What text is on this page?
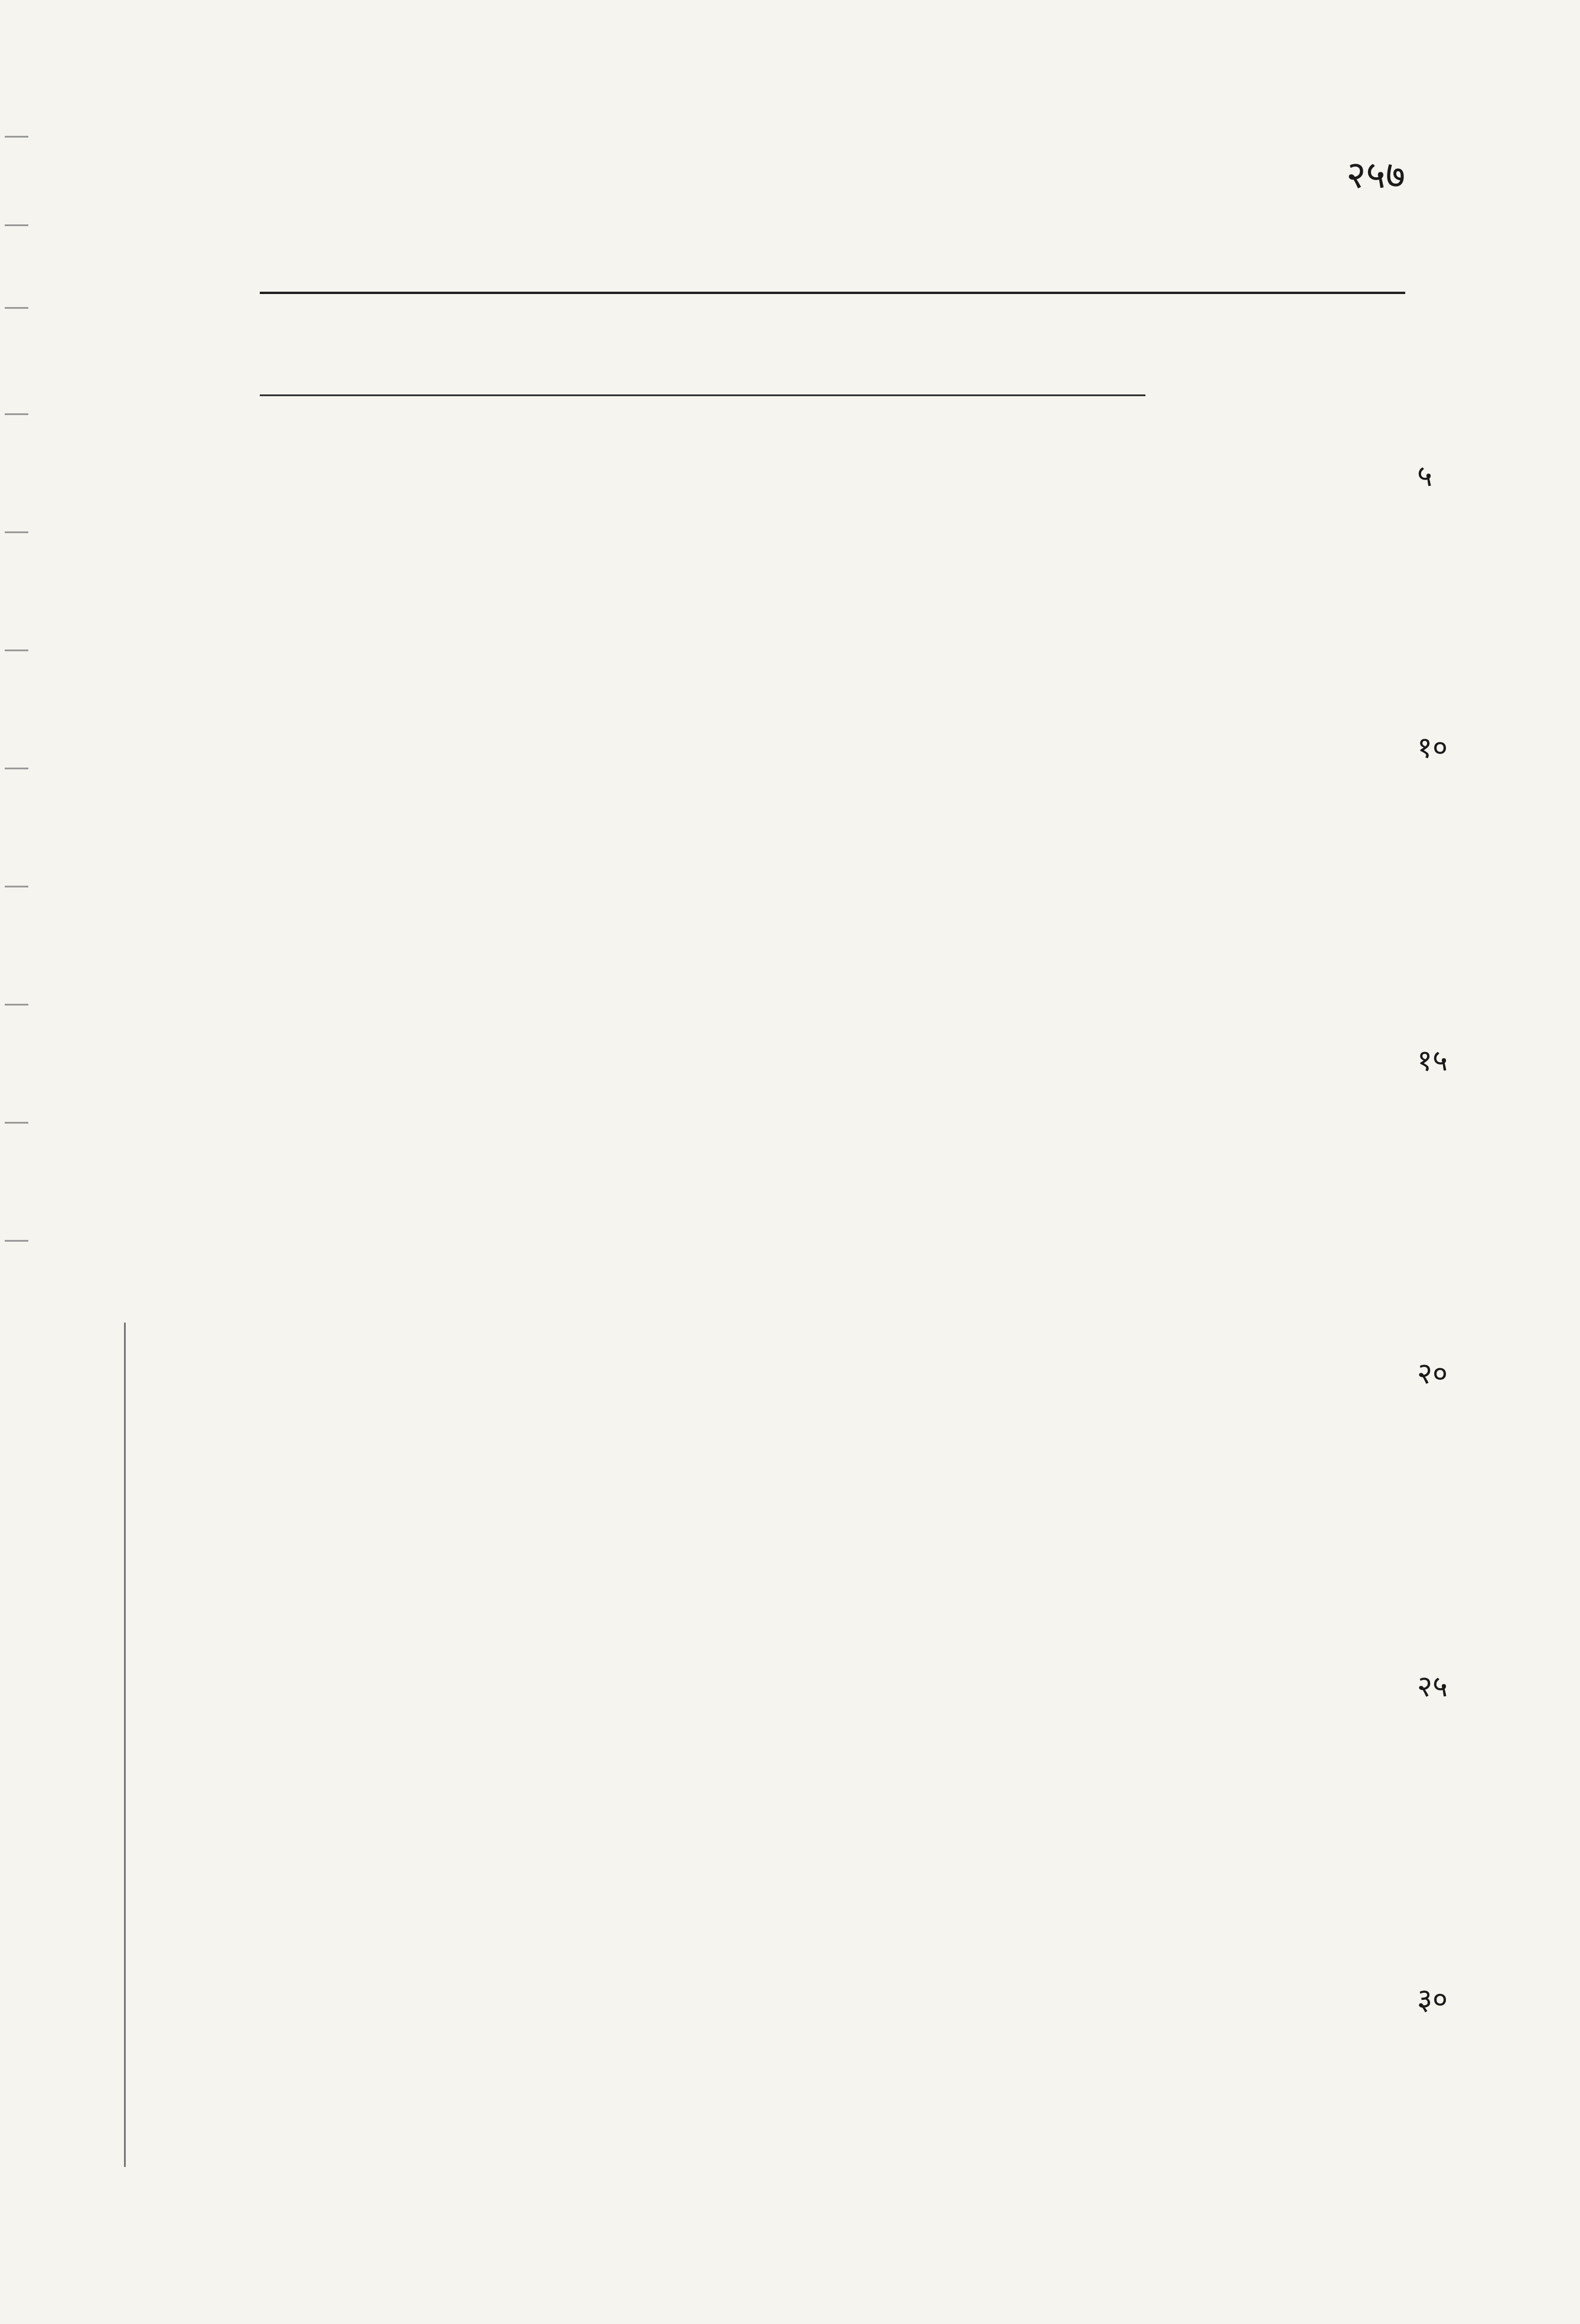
२५७
५
१०
१५
२०
२५
३०
